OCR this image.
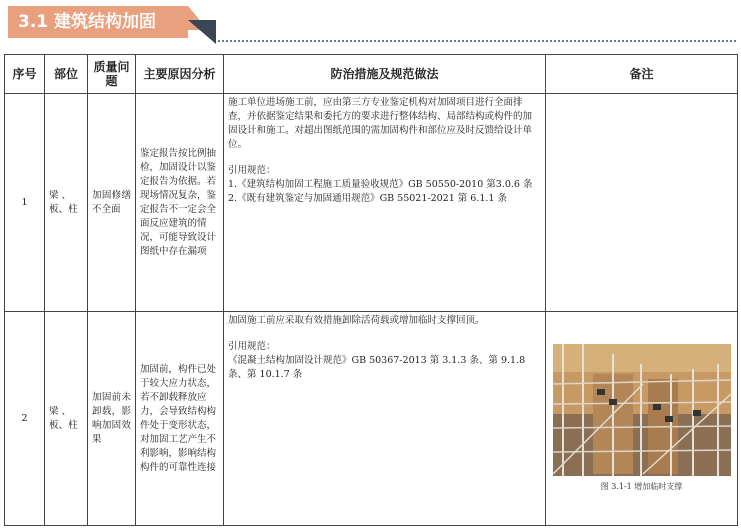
3.1 建筑结构加固
序号	部位	质量问题	主要原因分析	防治措施及规范做法	备注
1	梁 、板、柱	加固修缮不全面	鉴定报告按比例抽检，加固设计以鉴定报告为依据。若现场情况复杂，鉴定报告不一定会全面反应建筑的情况，可能导致设计图纸中存在漏项	施工单位进场施工前，应由第三方专业鉴定机构对加固项目进行全面排查，并依据鉴定结果和委托方的要求进行整体结构、局部结构或构件的加固设计和施工。对超出图纸范围的需加固构件和部位应及时反馈给设计单位。

引用规范：

1.《建筑结构加固工程施工质量验收规范》GB 50550-2010 第3.0.6 条

2.《既有建筑鉴定与加固通用规范》GB 55021-2021 第 6.1.1 条	

2	梁 、板、柱	加固前未卸载，影响加固效果	加固前，构件已处于较大应力状态，若不卸载释放应力，会导致结构构件处于变形状态，对加固工艺产生不利影响，影响结构构件的可靠性连接	加固施工前应采取有效措施卸除活荷载或增加临时支撑回顶。

引用规范：

《混凝土结构加固设计规范》GB 50367-2013 第 3.1.3 条、第 9.1.8 条、第 10.1.7 条	图 3.1-1 增加临时支撑
